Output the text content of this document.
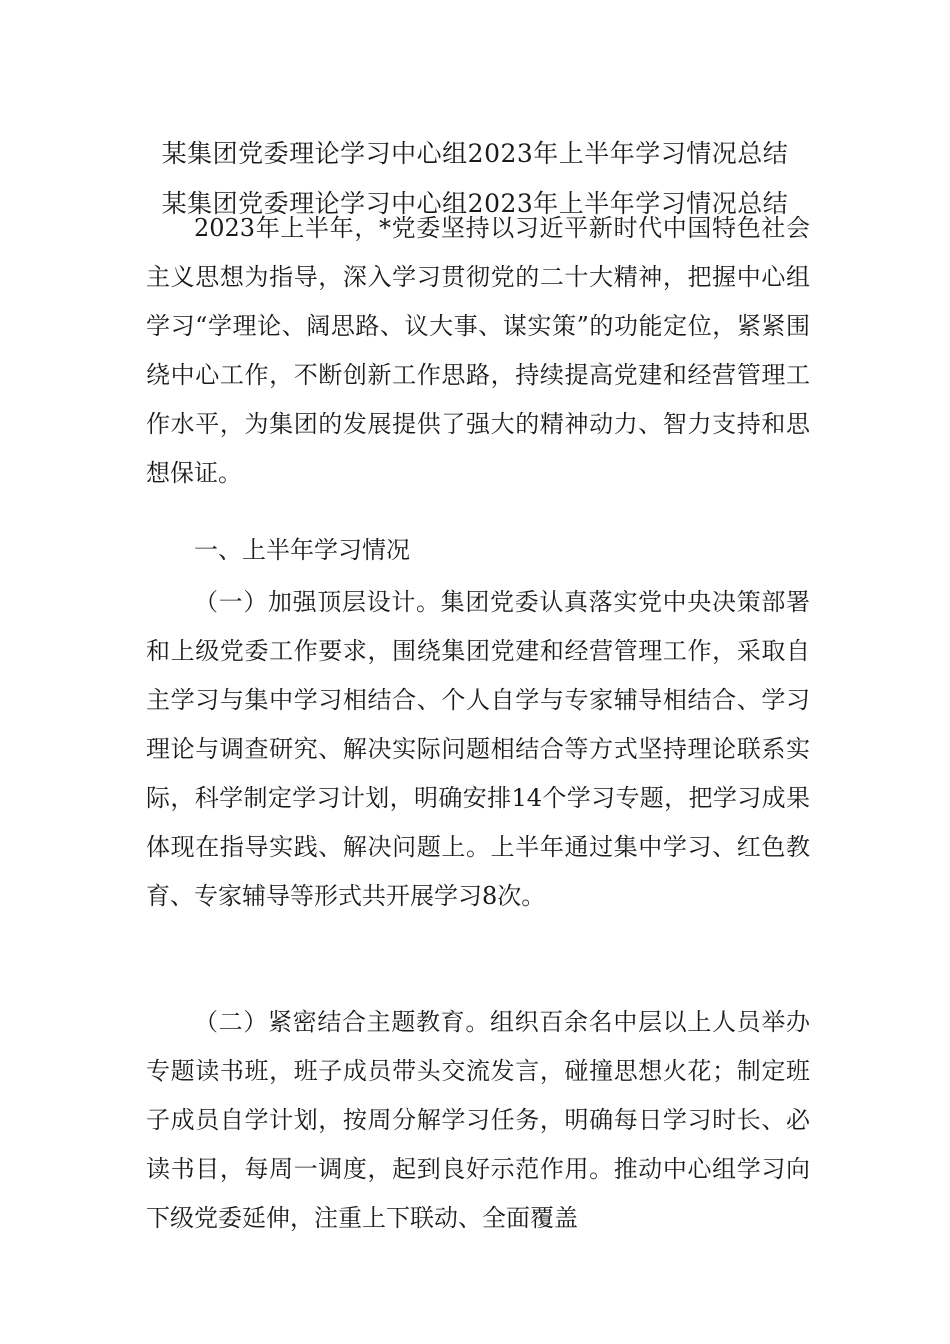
某集团党委理论学习中心组2023年上半年学习情况总结
某集团党委理论学习中心组2023年上半年学习情况总结

2023年上半年，*党委坚持以习近平新时代中国特色社会主义思想为指导，深入学习贯彻党的二十大精神，把握中心组学习“学理论、阔思路、议大事、谋实策”的功能定位，紧紧围绕中心工作，不断创新工作思路，持续提高党建和经营管理工作水平，为集团的发展提供了强大的精神动力、智力支持和思想保证。

一、上半年学习情况

（一）加强顶层设计。集团党委认真落实党中央决策部署和上级党委工作要求，围绕集团党建和经营管理工作，采取自主学习与集中学习相结合、个人自学与专家辅导相结合、学习理论与调查研究、解决实际问题相结合等方式坚持理论联系实际，科学制定学习计划，明确安排14个学习专题，把学习成果体现在指导实践、解决问题上。上半年通过集中学习、红色教育、专家辅导等形式共开展学习8次。

（二）紧密结合主题教育。组织百余名中层以上人员举办专题读书班，班子成员带头交流发言，碰撞思想火花；制定班子成员自学计划，按周分解学习任务，明确每日学习时长、必读书目，每周一调度，起到良好示范作用。推动中心组学习向下级党委延伸，注重上下联动、全面覆盖
